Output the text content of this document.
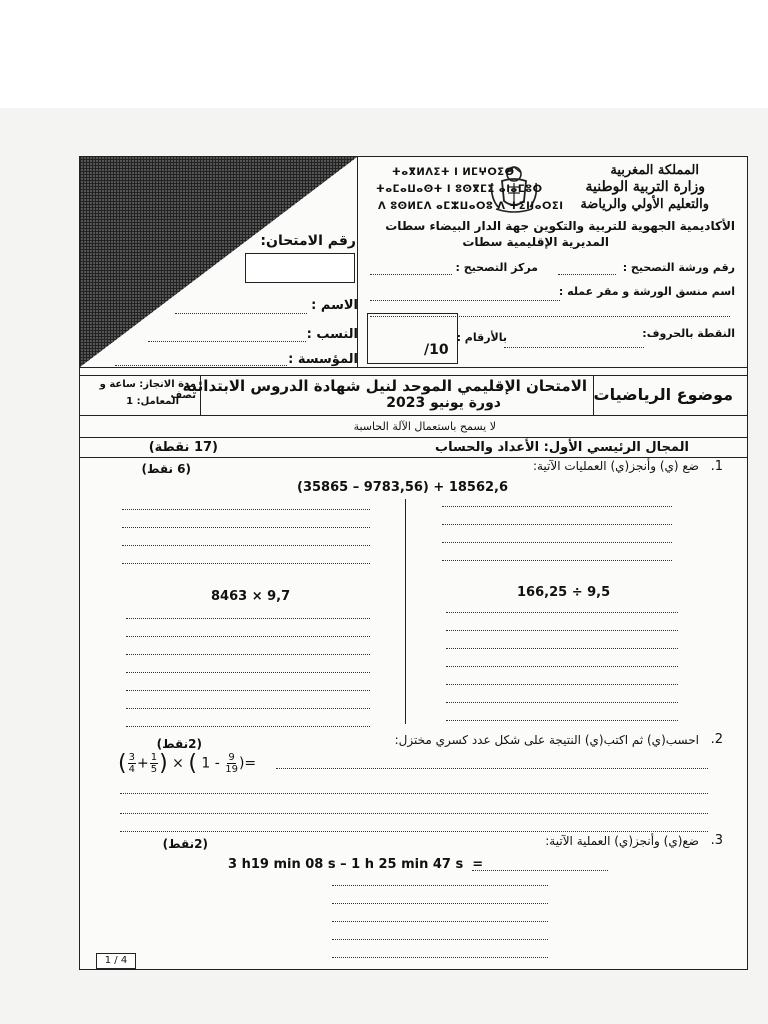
رقم الامتحان:
الاسم :
النسب :
المؤسسة :
المملكة المغربية
وزارة التربية الوطنية
والتعليم الأولي والرياضة
ⵜⴰⴳⵍⴷⵉⵜ ⵏ ⵍⵎⵖⵔⵉⴱ
ⵜⴰⵎⴰⵡⴰⵙⵜ ⵏ ⵓⵙⴳⵎⵉ ⴰⵏⴰⵎⵓⵔ
ⴷ ⵓⵙⵍⵎⴷ ⴰⵎⵣⵡⴰⵔⵓ ⴷ ⵜⵉⵏⵏⴰⵔⵉⵏ
الأكاديمية الجهوية للتربية والتكوين جهة الدار البيضاء سطات
المديرية الإقليمية سطات
رقم ورشة التصحيح :
مركز التصحيح :
اسم منسق الورشة و مقر عمله :
/10
النقطة بالحروف:
بالأرقام :
مدة الانجاز: ساعة و نصف
المعامل: 1
الامتحان الإقليمي الموحد لنيل شهادة الدروس الابتدائية
دورة يونيو 2023	موضوع الرياضيات
لا يسمح باستعمال الآلة الحاسبة
المجال الرئيسي الأول: الأعداد والحساب
(17 نقطة)
1.
ضع (ي) وأنجز(ي) العمليات الآتية:
(6 نقط)
(35865 – 9783,56) + 18562,6
8463 × 9,7	166,25 ÷ 9,5
2.
احسب(ي) ثم اكتب(ي) النتيجة على شكل عدد كسري مختزل:
(2نقط)
( $\frac{3}{4} + \frac{1}{5}$ ) × ( $1 - \frac{9}{19}$ )=
3.
ضع(ي) وأنجز(ي) العملية الآتية:
(2نقط)
3 h19 min 08 s – 1 h 25 min 47 s  =
1 / 4
